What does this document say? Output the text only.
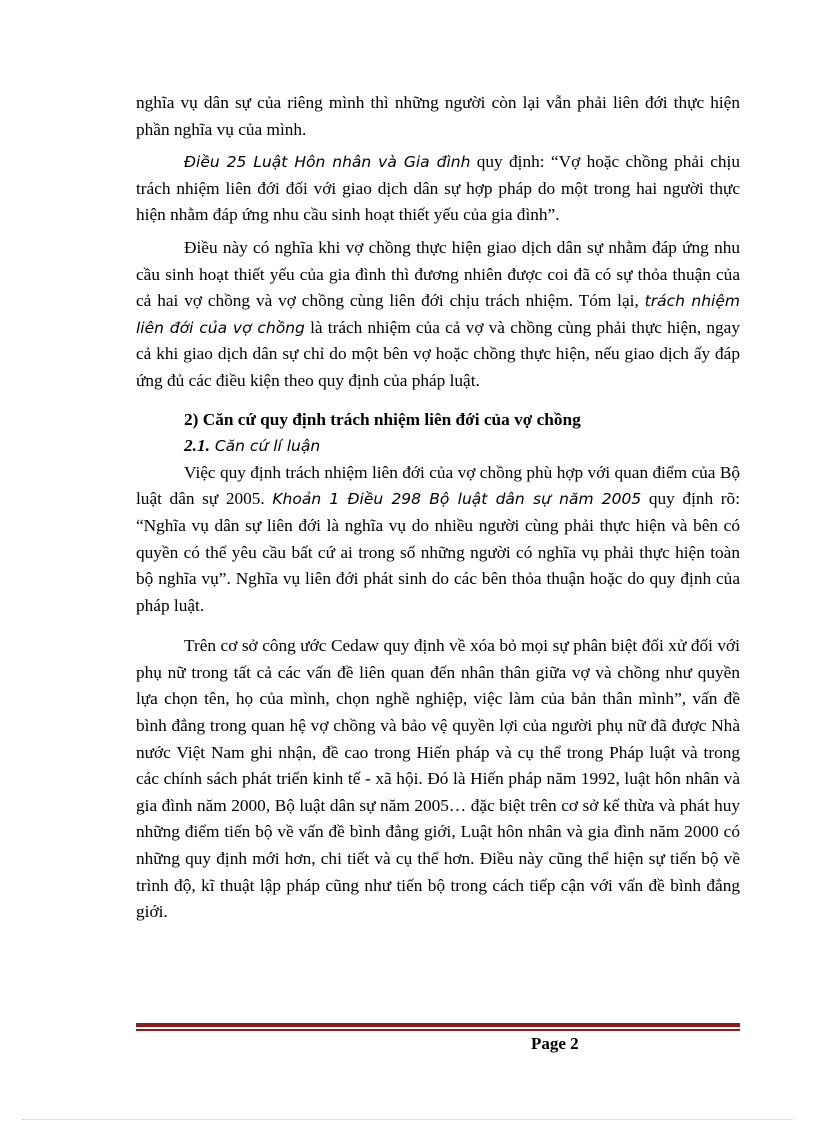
nghĩa vụ dân sự của riêng mình thì những người còn lại vẫn phải liên đới thực hiện phần nghĩa vụ của mình.

Điều 25 Luật Hôn nhân và Gia đình quy định: “Vợ hoặc chồng phải chịu trách nhiệm liên đới đối với giao dịch dân sự hợp pháp do một trong hai người thực hiện nhằm đáp ứng nhu cầu sinh hoạt thiết yếu của gia đình”.

Điều này có nghĩa khi vợ chồng thực hiện giao dịch dân sự nhằm đáp ứng nhu cầu sinh hoạt thiết yếu của gia đình thì đương nhiên được coi đã có sự thỏa thuận của cả hai vợ chồng và vợ chồng cùng liên đới chịu trách nhiệm. Tóm lại, trách nhiệm liên đới của vợ chồng là trách nhiệm của cả vợ và chồng cùng phải thực hiện, ngay cả khi giao dịch dân sự chỉ do một bên vợ hoặc chồng thực hiện, nếu giao dịch ấy đáp ứng đủ các điều kiện theo quy định của pháp luật.

2) Căn cứ quy định trách nhiệm liên đới của vợ chồng

2.1. Căn cứ lí luận

Việc quy định trách nhiệm liên đới của vợ chồng phù hợp với quan điểm của Bộ luật dân sự 2005. Khoản 1 Điều 298 Bộ luật dân sự năm 2005 quy định rõ: “Nghĩa vụ dân sự liên đới là nghĩa vụ do nhiều người cùng phải thực hiện và bên có quyền có thể yêu cầu bất cứ ai trong số những người có nghĩa vụ phải thực hiện toàn bộ nghĩa vụ”. Nghĩa vụ liên đới phát sinh do các bên thỏa thuận hoặc do quy định của pháp luật.

Trên cơ sở công ước Cedaw quy định về xóa bỏ mọi sự phân biệt đối xử đối với phụ nữ trong tất cả các vấn đề liên quan đến nhân thân giữa vợ và chồng như quyền lựa chọn tên, họ của mình, chọn nghề nghiệp, việc làm của bản thân mình”, vấn đề bình đẳng trong quan hệ vợ chồng và bảo vệ quyền lợi của người phụ nữ đã được Nhà nước Việt Nam ghi nhận, đề cao trong Hiến pháp và cụ thể trong Pháp luật và trong các chính sách phát triển kinh tế - xã hội. Đó là Hiến pháp năm 1992, luật hôn nhân và gia đình năm 2000, Bộ luật dân sự năm 2005… đặc biệt trên cơ sở kế thừa và phát huy những điểm tiến bộ về vấn đề bình đẳng giới, Luật hôn nhân và gia đình năm 2000 có những quy định mới hơn, chi tiết và cụ thể hơn. Điều này cũng thể hiện sự tiến bộ về trình độ, kĩ thuật lập pháp cũng như tiến bộ trong cách tiếp cận với vấn đề bình đẳng giới.

Page 2
